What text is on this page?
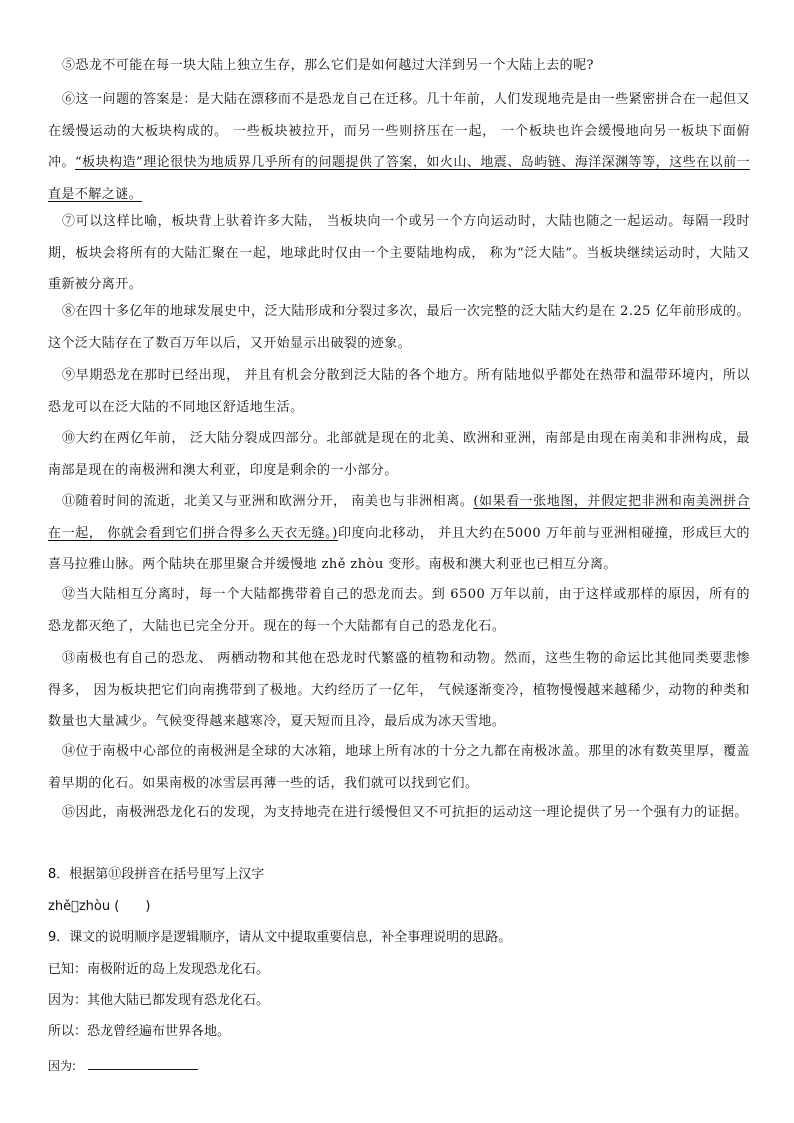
⑤恐龙不可能在每一块大陆上独立生存，那么它们是如何越过大洋到另一个大陆上去的呢?

⑥这一问题的答案是：是大陆在漂移而不是恐龙自己在迁移。几十年前，人们发现地壳是由一些紧密拼合在一起但又在缓慢运动的大板块构成的。 一些板块被拉开，而另一些则挤压在一起， 一个板块也许会缓慢地向另一板块下面俯冲。“板块构造”理论很快为地质界几乎所有的问题提供了答案，如火山、地震、岛屿链、海洋深渊等等，这些在以前一直是不解之谜。

⑦可以这样比喻，板块背上驮着许多大陆， 当板块向一个或另一个方向运动时，大陆也随之一起运动。每隔一段时期，板块会将所有的大陆汇聚在一起，地球此时仅由一个主要陆地构成， 称为“泛大陆”。当板块继续运动时，大陆又重新被分离开。

⑧在四十多亿年的地球发展史中，泛大陆形成和分裂过多次，最后一次完整的泛大陆大约是在 2.25 亿年前形成的。这个泛大陆存在了数百万年以后，又开始显示出破裂的迹象。

⑨早期恐龙在那时已经出现， 并且有机会分散到泛大陆的各个地方。所有陆地似乎都处在热带和温带环境内，所以恐龙可以在泛大陆的不同地区舒适地生活。

⑩大约在两亿年前， 泛大陆分裂成四部分。北部就是现在的北美、欧洲和亚洲，南部是由现在南美和非洲构成，最南部是现在的南极洲和澳大利亚，印度是剩余的一小部分。

⑪随着时间的流逝，北美又与亚洲和欧洲分开， 南美也与非洲相离。(如果看一张地图，并假定把非洲和南美洲拼合在一起， 你就会看到它们拼合得多么天衣无缝。)印度向北移动， 并且大约在5000 万年前与亚洲相碰撞，形成巨大的喜马拉雅山脉。两个陆块在那里聚合并缓慢地 zhě zhòu 变形。南极和澳大利亚也已相互分离。

⑫当大陆相互分离时，每一个大陆都携带着自己的恐龙而去。到 6500 万年以前，由于这样或那样的原因，所有的恐龙都灭绝了，大陆也已完全分开。现在的每一个大陆都有自己的恐龙化石。

⑬南极也有自己的恐龙、 两栖动物和其他在恐龙时代繁盛的植物和动物。然而，这些生物的命运比其他同类要悲惨得多， 因为板块把它们向南携带到了极地。大约经历了一亿年， 气候逐渐变冷，植物慢慢越来越稀少，动物的种类和数量也大量减少。气候变得越来越寒冷，夏天短而且冷，最后成为冰天雪地。

⑭位于南极中心部位的南极洲是全球的大冰箱，地球上所有冰的十分之九都在南极冰盖。那里的冰有数英里厚，覆盖着早期的化石。如果南极的冰雪层再薄一些的话，我们就可以找到它们。

⑮因此，南极洲恐龙化石的发现，为支持地壳在进行缓慢但又不可抗拒的运动这一理论提供了另一个强有力的证据。

8．根据第⑪段拼音在括号里写上汉字

zhě zhòu (　　)

9．课文的说明顺序是逻辑顺序，请从文中提取重要信息，补全事理说明的思路。

已知：南极附近的岛上发现恐龙化石。

因为：其他大陆已都发现有恐龙化石。

所以：恐龙曾经遍布世界各地。

因为:
